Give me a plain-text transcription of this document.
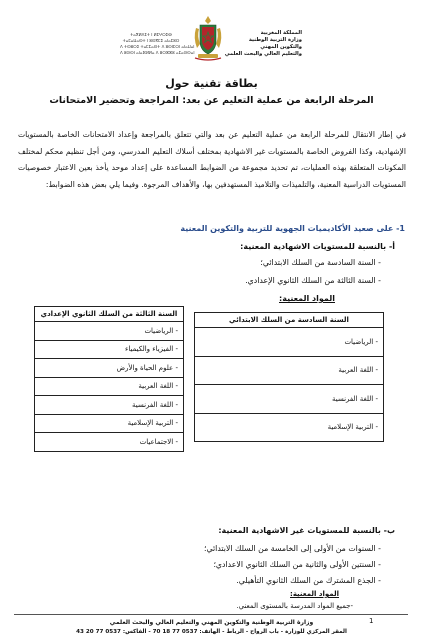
ⵜⴰⴳⵍⴷⵉⵜ ⵏ ⵍⵎⵖⵔⵉⴱ
ⵜⴰⵎⴰⵡⴰⵙⵜ ⵏ ⵓⵙⴳⵎⵉ ⴰⵏⴰⵎⵓⵔ
ⴷ ⵜⵙⵓⵔⵉ ⵜⴰⵎⵎⴰⵙⵜ ⴷ ⵓⵙⵏⵎⵔⵏ ⴰⵏⴰⵡⴰⵏ
ⴷ ⵓⵙⵙⵏ ⴰⵏⴰⴼⵍⵍⴰ ⴷ ⵓⵔⵣⵣⵓ ⴰⵎⴰⵙⵙⴰⵏ
المملكة المغربية
وزارة التربية الوطنية
والتكوين المهني
والتعليم العالي والبحث العلمي
بطاقة تقنية حول
المرحلة الرابعة من عملية التعليم عن بعد: المراجعة وتحضير الامتحانات
في إطار الانتقال للمرحلة الرابعة من عملية التعليم عن بعد والتي تتعلق بالمراجعة وإعداد الامتحانات الخاصة بالمستويات الإشهادية، وكذا الفروض الخاصة بالمستويات غير الاشهادية بمختلف أسلاك التعليم المدرسي، ومن أجل تنظيم محكم لمختلف المكونات المتعلقة بهذه العمليات، تم تحديد مجموعة من الضوابط المساعدة على إعداد موحد يأخذ بعين الاعتبار خصوصيات المستويات الدراسية المعنية، والتلميذات والتلاميذ المستهدفين بها، والأهداف المرجوة. وفيما يلي بعض هذه الضوابط:
1- على صعيد الأكاديميات الجهوية للتربية والتكوين المعنية
أ- بالنسبة للمستويات الاشهادية المعنية:
- السنة السادسة من السلك الابتدائي؛
- السنة الثالثة من السلك الثانوي الإعدادي.
المواد المعنية:
السنة السادسة من السلك الابتدائي
- الرياضيات
- اللغة العربية
- اللغة الفرنسية
- التربية الإسلامية
السنة الثالثة من السلك الثانوي الإعدادي
- الرياضيات
- الفيزياء والكيمياء
- علوم الحياة والأرض
- اللغة العربية
- اللغة الفرنسية
- التربية الإسلامية
- الاجتماعيات
ب- بالنسبة للمستويات غير الاشهادية المعنية:
- السنوات من الأولى إلى الخامسة من السلك الابتدائي؛
- السنتين الأولى والثانية من السلك الثانوي الاعدادي؛
- الجذع المشترك من السلك الثانوي التأهيلي.
المواد المعنية:
-جميع المواد المدرسة بالمستوى المعني.
1
وزارة التربية الوطنية والتكوين المهني والتعليم العالي والبحث العلمي
المقر المركزي للوزارة - باب الرواح - الرباط - الهاتف: 0537 77 18 70 - الفاكس: 0537 77 20 43
